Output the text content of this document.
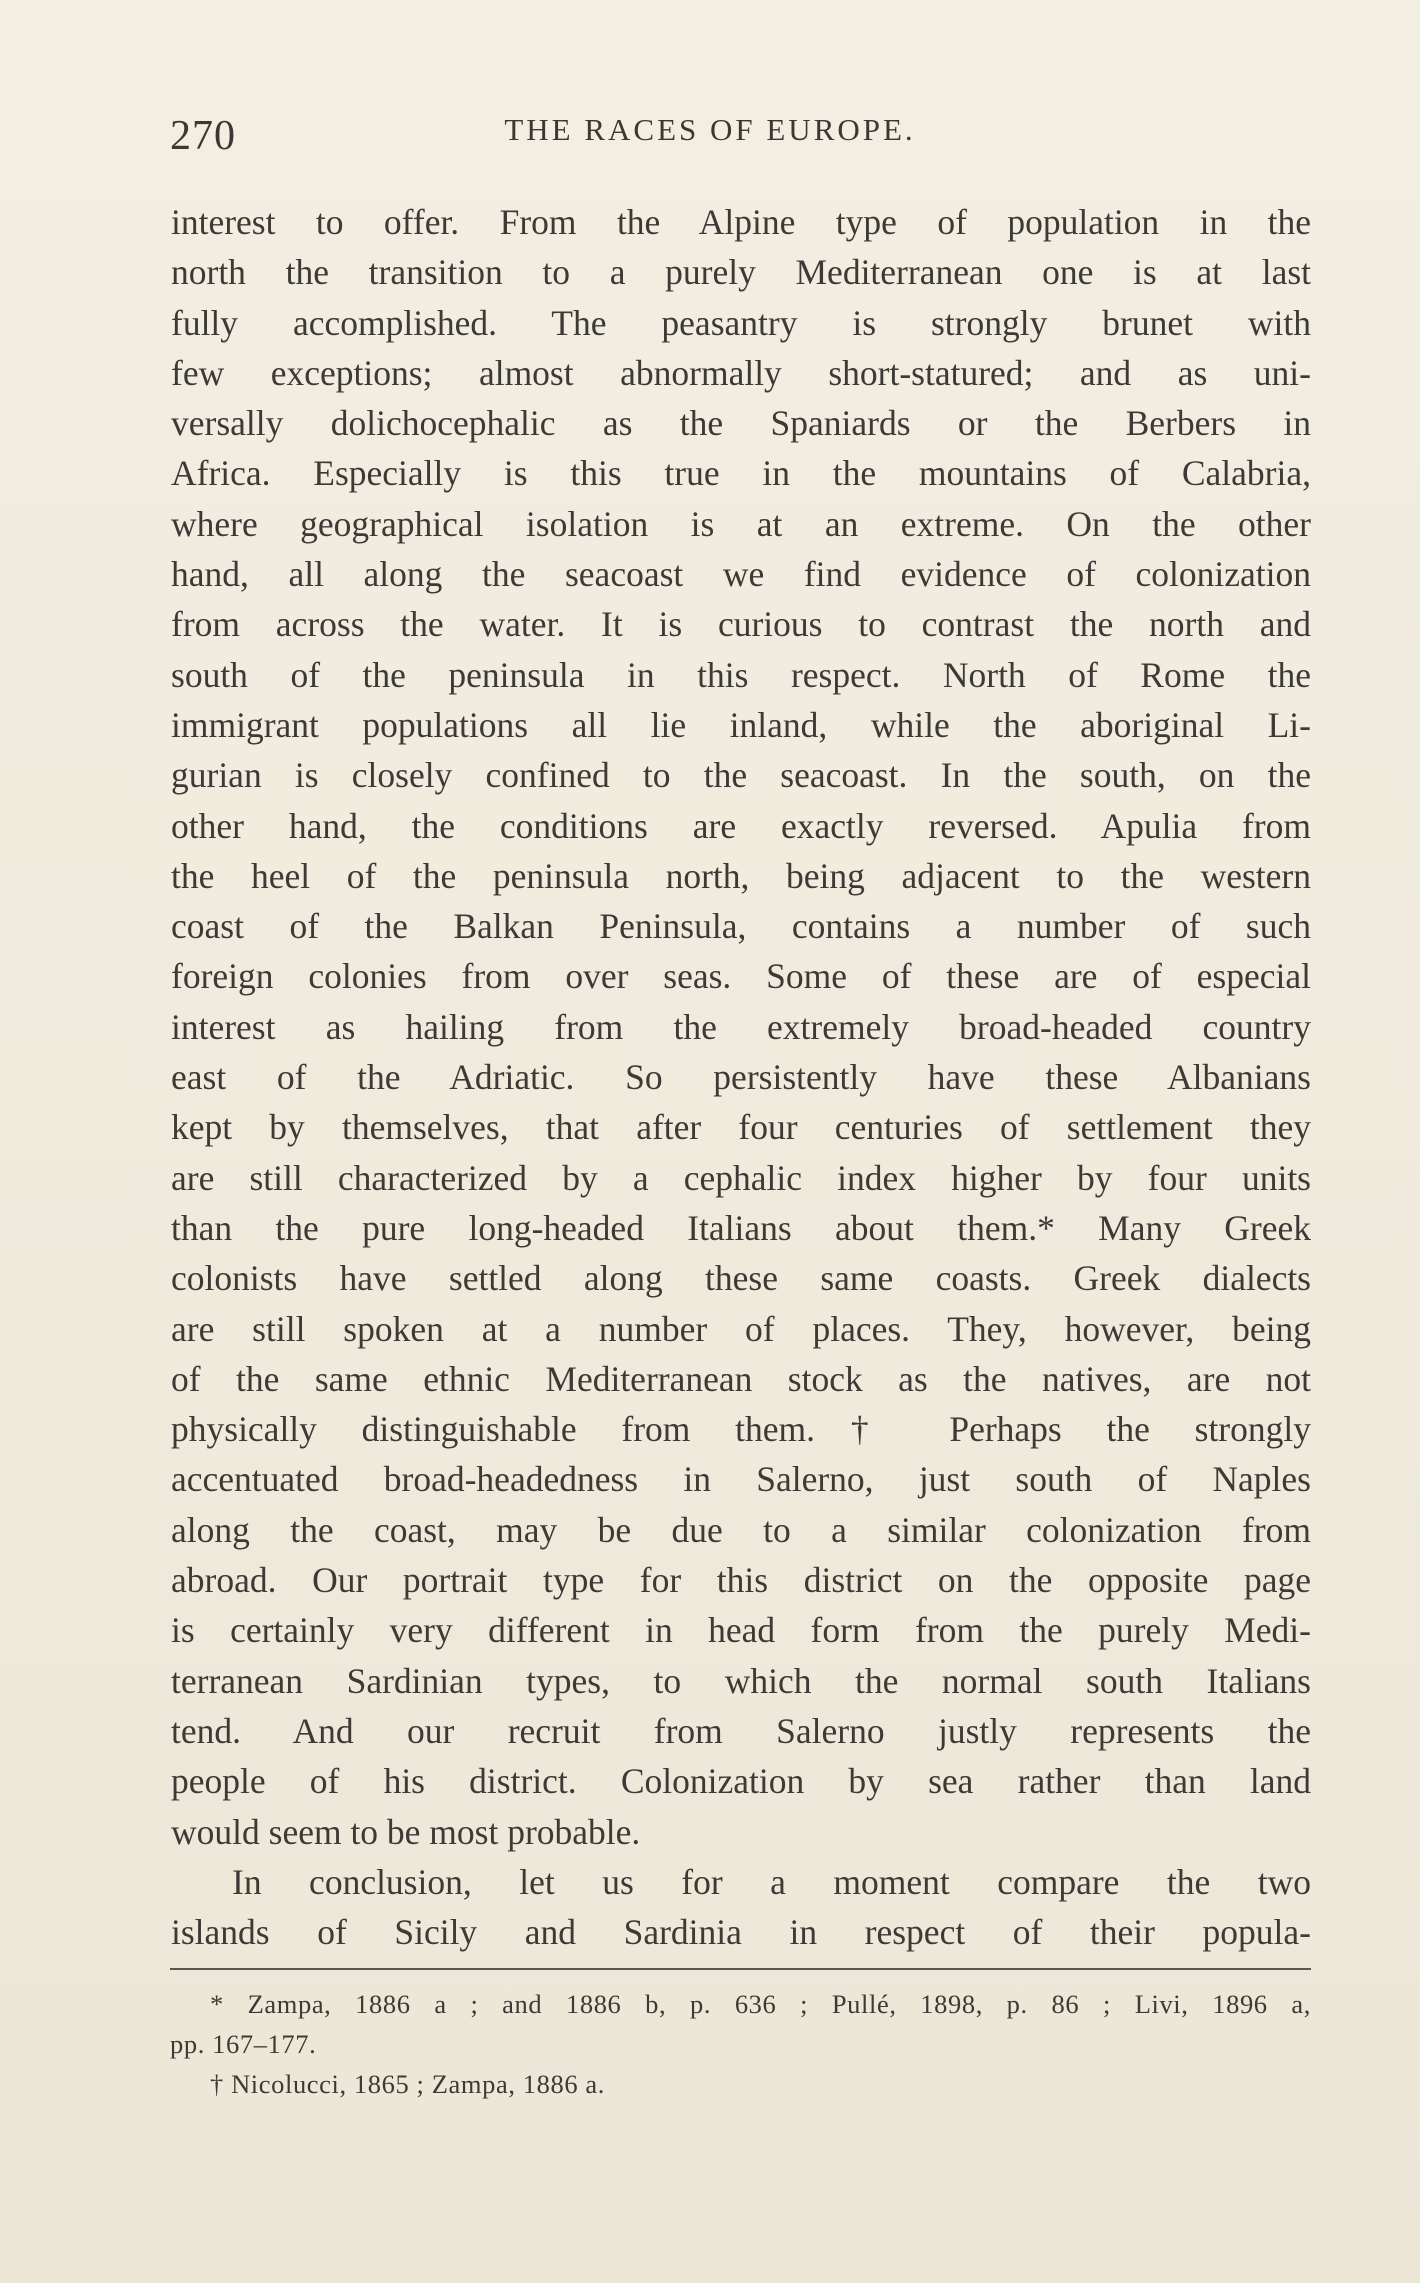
270	THE RACES OF EUROPE.
interest to offer. From the Alpine type of population in the
north the transition to a purely Mediterranean one is at last
fully accomplished. The peasantry is strongly brunet with
few exceptions; almost abnormally short-statured; and as uni-
versally dolichocephalic as the Spaniards or the Berbers in
Africa. Especially is this true in the mountains of Calabria,
where geographical isolation is at an extreme. On the other
hand, all along the seacoast we find evidence of colonization
from across the water. It is curious to contrast the north and
south of the peninsula in this respect. North of Rome the
immigrant populations all lie inland, while the aboriginal Li-
gurian is closely confined to the seacoast. In the south, on the
other hand, the conditions are exactly reversed. Apulia from
the heel of the peninsula north, being adjacent to the western
coast of the Balkan Peninsula, contains a number of such
foreign colonies from over seas. Some of these are of especial
interest as hailing from the extremely broad-headed country
east of the Adriatic. So persistently have these Albanians
kept by themselves, that after four centuries of settlement they
are still characterized by a cephalic index higher by four units
than the pure long-headed Italians about them.* Many Greek
colonists have settled along these same coasts. Greek dialects
are still spoken at a number of places. They, however, being
of the same ethnic Mediterranean stock as the natives, are not
physically distinguishable from them.† Perhaps the strongly
accentuated broad-headedness in Salerno, just south of Naples
along the coast, may be due to a similar colonization from
abroad. Our portrait type for this district on the opposite page
is certainly very different in head form from the purely Medi-
terranean Sardinian types, to which the normal south Italians
tend. And our recruit from Salerno justly represents the
people of his district. Colonization by sea rather than land
would seem to be most probable.
In conclusion, let us for a moment compare the two
islands of Sicily and Sardinia in respect of their popula-
* Zampa, 1886 a ; and 1886 b, p. 636 ; Pullé, 1898, p. 86 ; Livi, 1896 a,
pp. 167–177.
† Nicolucci, 1865 ; Zampa, 1886 a.
